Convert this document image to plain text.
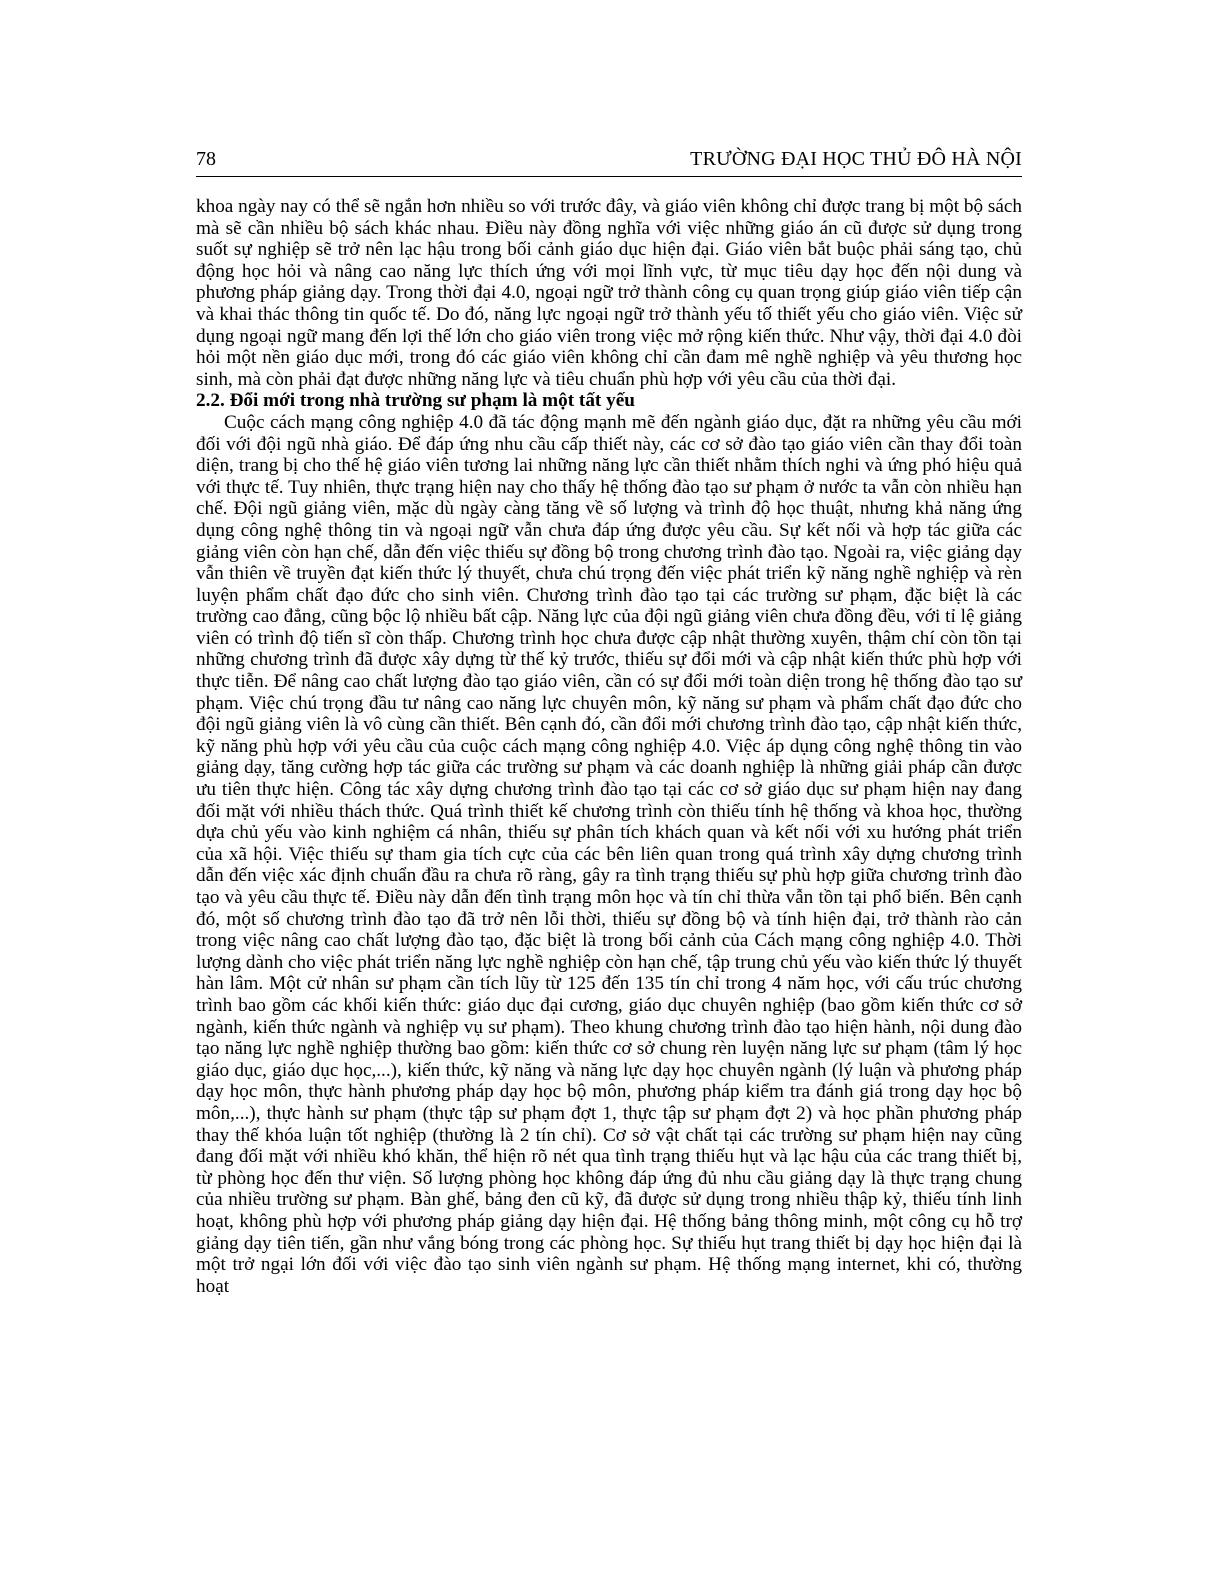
78	TRƯỜNG ĐẠI HỌC THỦ ĐÔ HÀ NỘI

khoa ngày nay có thể sẽ ngắn hơn nhiều so với trước đây, và giáo viên không chỉ được trang bị một bộ sách mà sẽ cần nhiều bộ sách khác nhau. Điều này đồng nghĩa với việc những giáo án cũ được sử dụng trong suốt sự nghiệp sẽ trở nên lạc hậu trong bối cảnh giáo dục hiện đại. Giáo viên bắt buộc phải sáng tạo, chủ động học hỏi và nâng cao năng lực thích ứng với mọi lĩnh vực, từ mục tiêu dạy học đến nội dung và phương pháp giảng dạy. Trong thời đại 4.0, ngoại ngữ trở thành công cụ quan trọng giúp giáo viên tiếp cận và khai thác thông tin quốc tế. Do đó, năng lực ngoại ngữ trở thành yếu tố thiết yếu cho giáo viên. Việc sử dụng ngoại ngữ mang đến lợi thế lớn cho giáo viên trong việc mở rộng kiến thức. Như vậy, thời đại 4.0 đòi hỏi một nền giáo dục mới, trong đó các giáo viên không chỉ cần đam mê nghề nghiệp và yêu thương học sinh, mà còn phải đạt được những năng lực và tiêu chuẩn phù hợp với yêu cầu của thời đại.

2.2. Đổi mới trong nhà trường sư phạm là một tất yếu

Cuộc cách mạng công nghiệp 4.0 đã tác động mạnh mẽ đến ngành giáo dục, đặt ra những yêu cầu mới đối với đội ngũ nhà giáo. Để đáp ứng nhu cầu cấp thiết này, các cơ sở đào tạo giáo viên cần thay đổi toàn diện, trang bị cho thế hệ giáo viên tương lai những năng lực cần thiết nhằm thích nghi và ứng phó hiệu quả với thực tế. Tuy nhiên, thực trạng hiện nay cho thấy hệ thống đào tạo sư phạm ở nước ta vẫn còn nhiều hạn chế. Đội ngũ giảng viên, mặc dù ngày càng tăng về số lượng và trình độ học thuật, nhưng khả năng ứng dụng công nghệ thông tin và ngoại ngữ vẫn chưa đáp ứng được yêu cầu. Sự kết nối và hợp tác giữa các giảng viên còn hạn chế, dẫn đến việc thiếu sự đồng bộ trong chương trình đào tạo. Ngoài ra, việc giảng dạy vẫn thiên về truyền đạt kiến thức lý thuyết, chưa chú trọng đến việc phát triển kỹ năng nghề nghiệp và rèn luyện phẩm chất đạo đức cho sinh viên. Chương trình đào tạo tại các trường sư phạm, đặc biệt là các trường cao đẳng, cũng bộc lộ nhiều bất cập. Năng lực của đội ngũ giảng viên chưa đồng đều, với tỉ lệ giảng viên có trình độ tiến sĩ còn thấp. Chương trình học chưa được cập nhật thường xuyên, thậm chí còn tồn tại những chương trình đã được xây dựng từ thế kỷ trước, thiếu sự đổi mới và cập nhật kiến thức phù hợp với thực tiễn. Để nâng cao chất lượng đào tạo giáo viên, cần có sự đổi mới toàn diện trong hệ thống đào tạo sư phạm. Việc chú trọng đầu tư nâng cao năng lực chuyên môn, kỹ năng sư phạm và phẩm chất đạo đức cho đội ngũ giảng viên là vô cùng cần thiết. Bên cạnh đó, cần đổi mới chương trình đào tạo, cập nhật kiến thức, kỹ năng phù hợp với yêu cầu của cuộc cách mạng công nghiệp 4.0. Việc áp dụng công nghệ thông tin vào giảng dạy, tăng cường hợp tác giữa các trường sư phạm và các doanh nghiệp là những giải pháp cần được ưu tiên thực hiện. Công tác xây dựng chương trình đào tạo tại các cơ sở giáo dục sư phạm hiện nay đang đối mặt với nhiều thách thức. Quá trình thiết kế chương trình còn thiếu tính hệ thống và khoa học, thường dựa chủ yếu vào kinh nghiệm cá nhân, thiếu sự phân tích khách quan và kết nối với xu hướng phát triển của xã hội. Việc thiếu sự tham gia tích cực của các bên liên quan trong quá trình xây dựng chương trình dẫn đến việc xác định chuẩn đầu ra chưa rõ ràng, gây ra tình trạng thiếu sự phù hợp giữa chương trình đào tạo và yêu cầu thực tế. Điều này dẫn đến tình trạng môn học và tín chỉ thừa vẫn tồn tại phổ biến. Bên cạnh đó, một số chương trình đào tạo đã trở nên lỗi thời, thiếu sự đồng bộ và tính hiện đại, trở thành rào cản trong việc nâng cao chất lượng đào tạo, đặc biệt là trong bối cảnh của Cách mạng công nghiệp 4.0. Thời lượng dành cho việc phát triển năng lực nghề nghiệp còn hạn chế, tập trung chủ yếu vào kiến thức lý thuyết hàn lâm. Một cử nhân sư phạm cần tích lũy từ 125 đến 135 tín chỉ trong 4 năm học, với cấu trúc chương trình bao gồm các khối kiến thức: giáo dục đại cương, giáo dục chuyên nghiệp (bao gồm kiến thức cơ sở ngành, kiến thức ngành và nghiệp vụ sư phạm). Theo khung chương trình đào tạo hiện hành, nội dung đào tạo năng lực nghề nghiệp thường bao gồm: kiến thức cơ sở chung rèn luyện năng lực sư phạm (tâm lý học giáo dục, giáo dục học,...), kiến thức, kỹ năng và năng lực dạy học chuyên ngành (lý luận và phương pháp dạy học môn, thực hành phương pháp dạy học bộ môn, phương pháp kiểm tra đánh giá trong dạy học bộ môn,...), thực hành sư phạm (thực tập sư phạm đợt 1, thực tập sư phạm đợt 2) và học phần phương pháp thay thế khóa luận tốt nghiệp (thường là 2 tín chỉ). Cơ sở vật chất tại các trường sư phạm hiện nay cũng đang đối mặt với nhiều khó khăn, thể hiện rõ nét qua tình trạng thiếu hụt và lạc hậu của các trang thiết bị, từ phòng học đến thư viện. Số lượng phòng học không đáp ứng đủ nhu cầu giảng dạy là thực trạng chung của nhiều trường sư phạm. Bàn ghế, bảng đen cũ kỹ, đã được sử dụng trong nhiều thập kỷ, thiếu tính linh hoạt, không phù hợp với phương pháp giảng dạy hiện đại. Hệ thống bảng thông minh, một công cụ hỗ trợ giảng dạy tiên tiến, gần như vắng bóng trong các phòng học. Sự thiếu hụt trang thiết bị dạy học hiện đại là một trở ngại lớn đối với việc đào tạo sinh viên ngành sư phạm. Hệ thống mạng internet, khi có, thường hoạt
